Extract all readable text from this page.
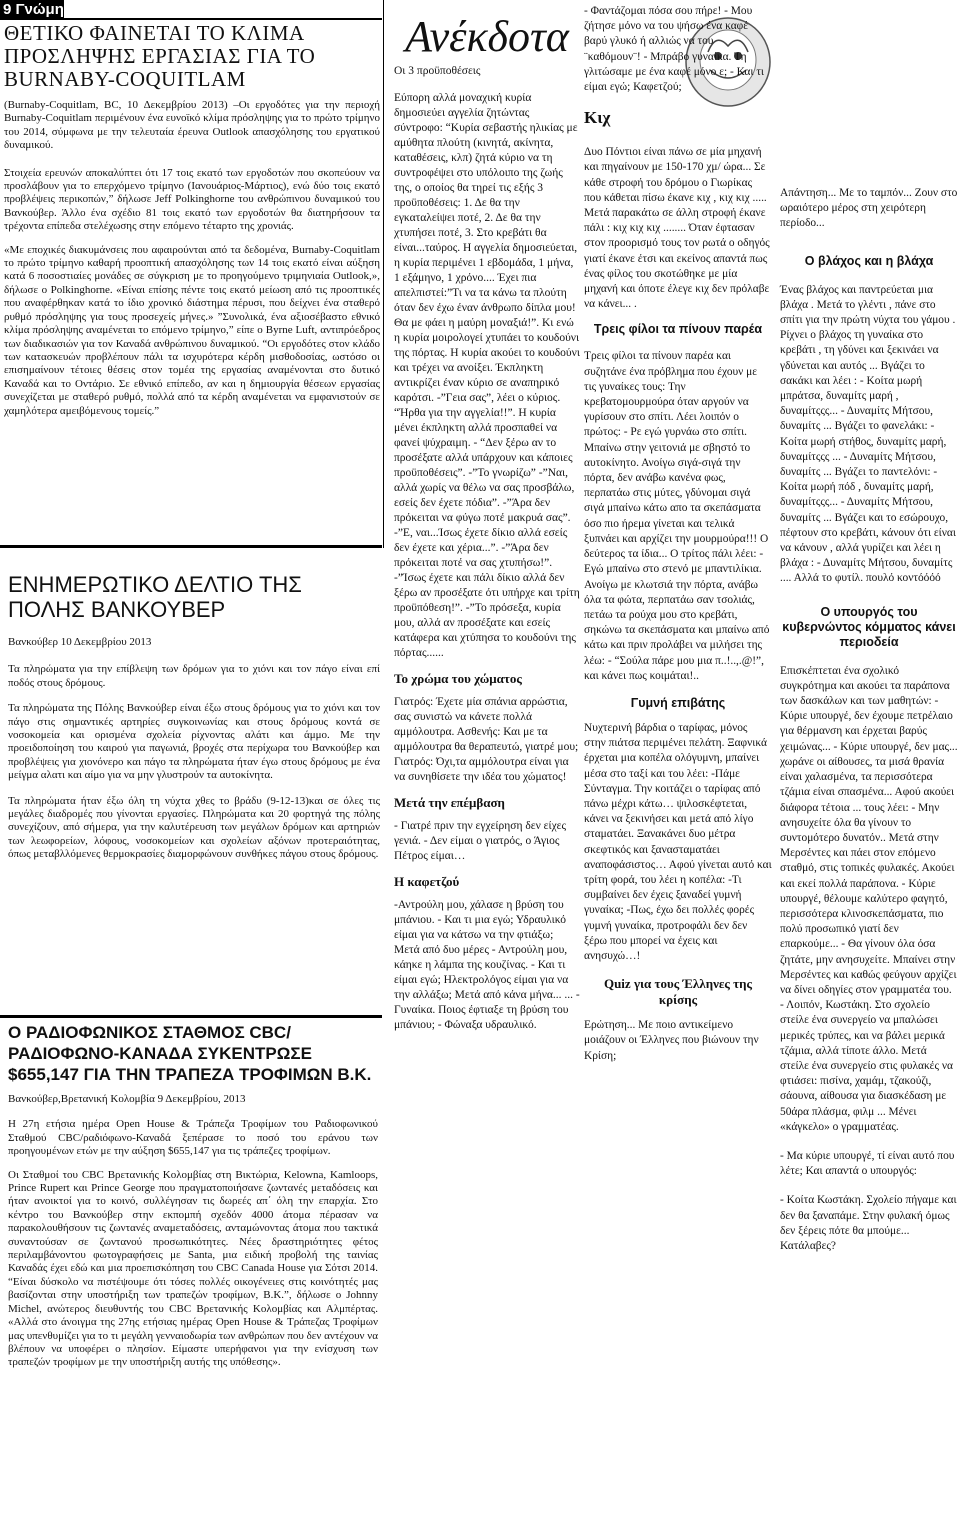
9 Γνώμη
ΘΕΤΙΚΟ ΦΑΙΝΕΤΑΙ ΤΟ ΚΛΙΜΑ ΠΡΟΣΛΗΨΗΣ ΕΡΓΑΣΙΑΣ ΓΙΑ ΤΟ BURNABY-COQUITLAM
(Burnaby-Coquitlam, BC, 10 Δεκεμβρίου 2013) –Οι εργοδότες για την περιοχή Burnaby-Coquitlam περιμένουν ένα ευνοϊκό κλίμα πρόσληψης για το πρώτο τρίμηνο του 2014, σύμφωνα με την τελευταία έρευνα Outlook απασχόλησης του εργατικού δυναμικού.
Στοιχεία ερευνών αποκαλύπτει ότι 17 τοις εκατό των εργοδοτών που σκοπεύουν να προσλάβουν για το επερχόμενο τρίμηνο (Ιανουάριος-Μάρτιος), ενώ δύο τοις εκατό προβλέψεις περικοπών,” δήλωσε Jeff Polkinghorne του ανθρώπινου δυναμικού του Βανκούβερ. Άλλο ένα σχέδιο 81 τοις εκατό των εργοδοτών θα διατηρήσουν τα τρέχοντα επίπεδα στελέχωσης στην επόμενο τέταρτο της χρονιάς.
«Με εποχικές διακυμάνσεις που αφαιρούνται από τα δεδομένα, Burnaby-Coquitlam το πρώτο τρίμηνο καθαρή προοπτική απασχόλησης των 14 τοις εκατό είναι αύξηση κατά 6 ποσοστιαίες μονάδες σε σύγκριση με το προηγούμενο τριμηνιαία Outlook,», δήλωσε ο Polkinghorne. «Είναι επίσης πέντε τοις εκατό μείωση από τις προοπτικές που αναφέρθηκαν κατά το ίδιο χρονικό διάστημα πέρυσι, που δείχνει ένα σταθερό ρυθμό πρόσληψης για τους προσεχείς μήνες.» ”Συνολικά, ένα αξιοσέβαστο εθνικό κλίμα πρόσληψης αναμένεται το επόμενο τρίμηνο,” είπε ο Byrne Luft, αντιπρόεδρος των διαδικασιών για τον Καναδά ανθρώπινου δυναμικού. “Οι εργοδότες στον κλάδο των κατασκευών προβλέπουν πάλι τα ισχυρότερα κέρδη μισθοδοσίας, ωστόσο οι επισημαίνουν τέτοιες θέσεις στον τομέα της εργασίας αναμένονται στο δυτικό Καναδά και το Οντάριο. Σε εθνικό επίπεδο, αν και η δημιουργία θέσεων εργασίας συνεχίζεται με σταθερό ρυθμό, πολλά από τα κέρδη αναμένεται να εμφανιστούν σε χαμηλότερα αμειβόμενους τομείς.”
ΕΝΗΜΕΡΩΤΙΚΟ ΔΕΛΤΙΟ ΤΗΣ ΠΟΛΗΣ ΒΑΝΚΟΥΒΕΡ
Βανκούβερ 10 Δεκεμβρίου 2013
Τα πληρώματα για την επίβλεψη των δρόμων για το χιόνι και τον πάγο είναι επί ποδός στους δρόμους.
Τα πληρώματα της Πόλης Βανκούβερ είναι έξω στους δρόμους για το χιόνι και τον πάγο στις σημαντικές αρτηρίες συγκοινωνίας και στους δρόμους κοντά σε νοσοκομεία και ορισμένα σχολεία ρίχνοντας αλάτι και άμμο. Με την προειδοποίηση του καιρού για παγωνιά, βροχές στα περίχωρα του Βανκούβερ και προβλέψεις για χιονόνερο και πάγο τα πληρώματα ήταν έγω στους δρόμους με ένα μείγμα αλατι και αίμο για να μην γλυστρούν τα αυτοκίνητα.
Τα πληρώματα ήταν έξω όλη τη νύχτα χθες το βράδυ (9-12-13)και σε όλες τις μεγάλες διαδρομές που γίνονται εργασίες. Πληρώματα και 20 φορτηγά της πόλης συνεχίζουν, από σήμερα, για την καλυτέρευση των μεγάλων δρόμων και αρτηριών των λεωφορείων, λόφους, νοσοκομείων και σχολείων αξόνων προτεραιότητας, όπως μεταβλλόμενες θερμοκρασίες διαμορφώνουν συνθήκες πάγου στους δρόμους.
Ο ΡΑΔΙΟΦΩΝΙΚΟΣ ΣΤΑΘΜΟΣ CBC/ ΡΑΔΙΟΦΩΝΟ-ΚΑΝΑΔΑ ΣΥΚΕΝΤΡΩΣΕ $655,147 ΓΙΑ ΤΗΝ ΤΡΑΠΕΖΑ ΤΡΟΦΙΜΩΝ Β.Κ.
Βανκούβερ,Βρετανική Κολομβία 9 Δεκεμβρίου, 2013
Η 27η ετήσια ημέρα Open House & Τράπεζα Τροφίμων του Ραδιοφωνικού Σταθμού CBC/ραδιόφωνο-Καναδά ξεπέρασε το ποσό του εράνου των προηγουμένων ετών με την αύξηση $655,147 για τις τράπεζες τροφίμων.
Οι Σταθμοί του CBC Βρετανικής Κολομβίας στη Βικτώρια, Kelowna, Kamloops, Prince Rupert και Prince George που πραγματοποιήσανε ζωντανές μεταδόσεις και ήταν ανοικτοί για το κοινό, συλλέγησαν τις δωρεές απ΄ όλη την επαρχία. Στο κέντρο του Βανκούβερ στην εκπομπή σχεδόν 4000 άτομα πέρασαν να παρακολουθήσουν τις ζωντανές αναμεταδόσεις, ανταμώνοντας άτομα που τακτικά συναντούσαν σε ζωντανού προσωπικότητες. Νέες δραστηριότητες φέτος περιλαμβάνοντου φωτογραφήσεις με Santa, μια ειδική προβολή της ταινίας Καναδάς έχει εδώ και μια προεπισκόπηση του CBC Canada House για Σότσι 2014. “Είναι δύσκολο να πιστέψουμε ότι τόσες πολλές οικογένειες στις κοινότητές μας βασίζονται στην υποστήριξη των τραπεζών τροφίμων, Β.Κ.”, δήλωσε ο Johnny Michel, ανώτερος διευθυντής του CBC Βρετανικής Κολομβίας και Αλμπέρτας. «Αλλά στο άνοιγμα της 27ης ετήσιας ημέρας Open House & Τράπεζας Τροφίμων μας υπενθυμίζει για το τι μεγάλη γενναιοδωρία των ανθρώπων που δεν αντέχουν να βλέπουν να υποφέρει ο πλησίον. Είμαστε υπερήφανοι για την ενίσχυση των τραπεζών τροφίμων με την υποστήριξη αυτής της υπόθεσης».
Ανέκδοτα
Οι 3 προϋποθέσεις
Εύπορη αλλά μοναχική κυρία δημοσιεύει αγγελία ζητώντας σύντροφο: “Κυρία σεβαστής ηλικίας με αμύθητα πλούτη (κινητά, ακίνητα, καταθέσεις, κλπ) ζητά κύριο να τη συντροφέψει στο υπόλοιπο της ζωής της, ο οποίος θα τηρεί τις εξής 3 προϋποθέσεις: 1. Δε θα την εγκαταλείψει ποτέ, 2. Δε θα την χτυπήσει ποτέ, 3. Στο κρεβάτι θα είναι...ταύρος. Η αγγελία δημοσιεύεται, η κυρία περιμένει 1 εβδομάδα, 1 μήνα, 1 εξάμηνο, 1 χρόνο.... Έχει πια απελπιστεί:”Τι να τα κάνω τα πλούτη όταν δεν έχω έναν άνθρωπο δίπλα μου! Θα με φάει η μαύρη μοναξιά!”. Κι ενώ η κυρία μοιρολογεί χτυπάει το κουδούνι της πόρτας. Η κυρία ακούει το κουδούνι και τρέχει να ανοίξει. Έκπληκτη αντικρίζει έναν κύριο σε αναπηρικό καρότσι. -”Γεια σας”, λέει ο κύριος. “Ήρθα για την αγγελία!!”. Η κυρία μένει έκπληκτη αλλά προσπαθεί να φανεί ψύχραιμη. - “Δεν ξέρω αν το προσέξατε αλλά υπάρχουν και κάποιες προϋποθέσεις”. -”Το γνωρίζω” -”Ναι, αλλά χωρίς να θέλω να σας προσβάλω, εσείς δεν έχετε πόδια”. -”Άρα δεν πρόκειται να φύγω ποτέ μακρυά σας”. -”Ε, ναι...Ίσως έχετε δίκιο αλλά εσείς δεν έχετε και χέρια...”. -”Άρα δεν πρόκειται ποτέ να σας χτυπήσω!”. -”Ίσως έχετε και πάλι δίκιο αλλά δεν ξέρω αν προσέξατε ότι υπήρχε και τρίτη προϋπόθεση!”. -”Το πρόσεξα, κυρία μου, αλλά αν προσέξατε και εσείς κατάφερα και χτύπησα το κουδούνι της πόρτας......
Το χρώμα του χώματος
Γιατρός: Έχετε μία σπάνια αρρώστια, σας συνιστώ να κάνετε πολλά αμμόλουτρα. Ασθενής: Και με τα αμμόλουτρα θα θεραπευτώ, γιατρέ μου; Γιατρός: Όχι,τα αμμόλουτρα είναι για να συνηθίσετε την ιδέα του χώματος!
Μετά την επέμβαση
- Γιατρέ πριν την εγχείρηση δεν είχες γενιά. - Δεν είμαι ο γιατρός, ο Άγιος Πέτρος είμαι…
Η καφετζού
-Αντρούλη μου, χάλασε η βρύση του μπάνιου. - Και τι μια εγώ; Υδραυλικό είμαι για να κάτσω να την φτιάξω; Μετά από δυο μέρες - Αντρούλη μου, κάηκε η λάμπα της κουζίνας. - Και τι είμαι εγώ; Ηλεκτρολόγος είμαι για να την αλλάξω; Μετά από κάνα μήνα... ... - Γυναίκα. Ποιος έφτιαξε τη βρύση του μπάνιου; - Φώναξα υδραυλικό.
- Φαντάζομαι πόσα σου πήρε! - Μου ζήτησε μόνο να του ψήσω ένα καφέ βαρύ γλυκό ή αλλιώς να του ¨καθόμουν¨! - Μπράβο γυναίκα. Τη γλιτώσαμε με ένα καφέ μόνο ε; - Και τι είμαι εγώ; Καφετζού;
Κιχ
Δυο Πόντιοι είναι πάνω σε μία μηχανή και πηγαίνουν με 150-170 χμ/ ώρα... Σε κάθε στροφή του δρόμου ο Γιωρίκας που κάθεται πίσω έκανε κιχ , κιχ κιχ ..... Μετά παρακάτω σε άλλη στροφή έκανε πάλι : κιχ κιχ κιχ ........ Όταν έφτασαν στον προορισμό τους τον ρωτά ο οδηγός γιατί έκανε έτσι και εκείνος απαντά πως ένας φίλος του σκοτώθηκε με μία μηχανή και όποτε έλεγε κιχ δεν πρόλαβε να κάνει... .
Τρεις φίλοι τα πίνουν παρέα
Τρεις φίλοι τα πίνουν παρέα και συζητάνε ένα πρόβλημα που έχουν με τις γυναίκες τους: Την κρεβατομουρμούρα όταν αργούν να γυρίσουν στο σπίτι. Λέει λοιπόν ο πρώτος: - Ρε εγώ γυρνάω στο σπίτι. Μπαίνω στην γειτονιά με σβηστό το αυτοκίνητο. Ανοίγω σιγά-σιγά την πόρτα, δεν ανάβω κανένα φως, περπατάω στις μύτες, γδύνομαι σιγά σιγά μπαίνω κάτω απο τα σκεπάσματα όσο πιο ήρεμα γίνεται και τελικά ξυπνάει και αρχίζει την μουρμούρα!!! Ο δεύτερος τα ίδια... Ο τρίτος πάλι λέει: - Εγώ μπαίνω στο στενό με μπαντιλίκια. Ανοίγω με κλωτσιά την πόρτα, ανάβω όλα τα φώτα, περπατάω σαν τσολιάς, πετάω τα ρούχα μου στο κρεβάτι, σηκώνω τα σκεπάσματα και μπαίνω από κάτω και πριν προλάβει να μιλήσει της λέω: - “Σούλα πάρε μου μια π..!..,.@!”, και κάνει πως κοιμάται!..
Γυμνή επιβάτης
Νυχτερινή βάρδια ο ταρίφας, μόνος στην πιάτσα περιμένει πελάτη. Ξαφνικά έρχεται μια κοπέλα ολόγυμνη, μπαίνει μέσα στο ταξί και του λέει: -Πάμε Σύνταγμα. Την κοιτάζει ο ταρίφας από πάνω μέχρι κάτω… ψιλοσκέφτεται, κάνει να ξεκινήσει και μετά από λίγο σταματάει. Ξανακάνει δυο μέτρα σκεφτικός και ξανασταματάει αναποφάσιστος… Αφού γίνεται αυτό και τρίτη φορά, του λέει η κοπέλα: -Τι συμβαίνει δεν έχεις ξαναδεί γυμνή γυναίκα; -Πως, έχω δει πολλές φορές γυμνή γυναίκα, προτροφάλι δεν δεν ξέρω που μπορεί να έχεις και ανησυχώ…!
Quiz για τους Έλληνες της κρίσης
Ερώτηση... Με ποιο αντικείμενο μοιάζουν οι Έλληνες που βιώνουν την Κρίση;
Απάντηση... Με το ταμπόν... Ζουν στο ωραιότερο μέρος στη χειρότερη περίοδο...
Ο βλάχος και η βλάχα
Ένας βλάχος και παντρεύεται μια βλάχα . Μετά το γλέντι , πάνε στο σπίτι για την πρώτη νύχτα του γάμου . Ρίχνει ο βλάχος τη γυναίκα στο κρεβάτι , τη γδύνει και ξεκινάει να γδύνεται και αυτός ... Βγάζει το σακάκι και λέει : - Κοίτα μωρή μπράτσα, δυναμίτς μαρή , δυναμίτςςς... - Δυναμίτς Μήτσου, δυναμίτς ... Βγάζει το φανελάκι: - Κοίτα μωρή στήθος, δυναμίτς μαρή, δυναμίτςςς ... - Δυναμίτς Μήτσου, δυναμίτς ... Βγάζει το παντελόνι: - Κοίτα μωρή πόδ , δυναμίτς μαρή, δυναμίτςςς... - Δυναμίτς Μήτσου, δυναμίτς ... Βγάζει και το εσώρουχο, πέφτουν στο κρεβάτι, κάνουν ότι είναι να κάνουν , αλλά γυρίζει και λέει η βλάχα : - Δυναμίτς Μήτσου, δυναμίτς .... Αλλά το φυτίλ. πουλό κοντόόόό
Ο υπουργός του κυβερνώντος κόμματος κάνει περιοδεία
Επισκέπτεται ένα σχολικό συγκρότημα και ακούει τα παράπονα των δασκάλων και των μαθητών: - Κύριε υπουργέ, δεν έχουμε πετρέλαιο για θέρμανση και έρχεται βαρύς χειμώνας... - Κύριε υπουργέ, δεν μας... χωράνε οι αίθουσες, τα μισά θρανία είναι χαλασμένα, τα περισσότερα τζάμια είναι σπασμένα... Αφού ακούει διάφορα τέτοια ... τους λέει: - Μην ανησυχείτε όλα θα γίνουν το συντομότερο δυνατόν.. Μετά στην Μερσέντες και πάει στον επόμενο σταθμό, στις τοπικές φυλακές. Ακούει και εκεί πολλά παράπονα. - Κύριε υπουργέ, θέλουμε καλύτερο φαγητό, περισσότερα κλινοσκεπάσματα, πιο πολύ προσωπικό γιατί δεν επαρκούμε... - Θα γίνουν όλα όσα ζητάτε, μην ανησυχείτε. Μπαίνει στην Μερσέντες και καθώς φεύγουν αρχίζει να δίνει οδηγίες στον γραμματέα του. - Λοιπόν, Κωστάκη. Στο σχολείο στείλε ένα συνεργείο να μπαλώσει μερικές τρύπες, και να βάλει μερικά τζάμια, αλλά τίποτε άλλο. Μετά στείλε ένα συνεργείο στις φυλακές να φτιάσει: πισίνα, χαμάμ, τζακούζι, σάουνα, αίθουσα για διασκέδαση με 50άρα πλάσμα, φιλμ ... Μένει «κάγκελο» ο γραμματέας.
- Μα κύριε υπουργέ, τί είναι αυτό που λέτε; Και απαντά ο υπουργός:
- Κοίτα Κωστάκη. Σχολείο πήγαμε και δεν θα ξαναπάμε. Στην φυλακή όμως δεν ξέρεις πότε θα μπούμε... Κατάλαβες?
